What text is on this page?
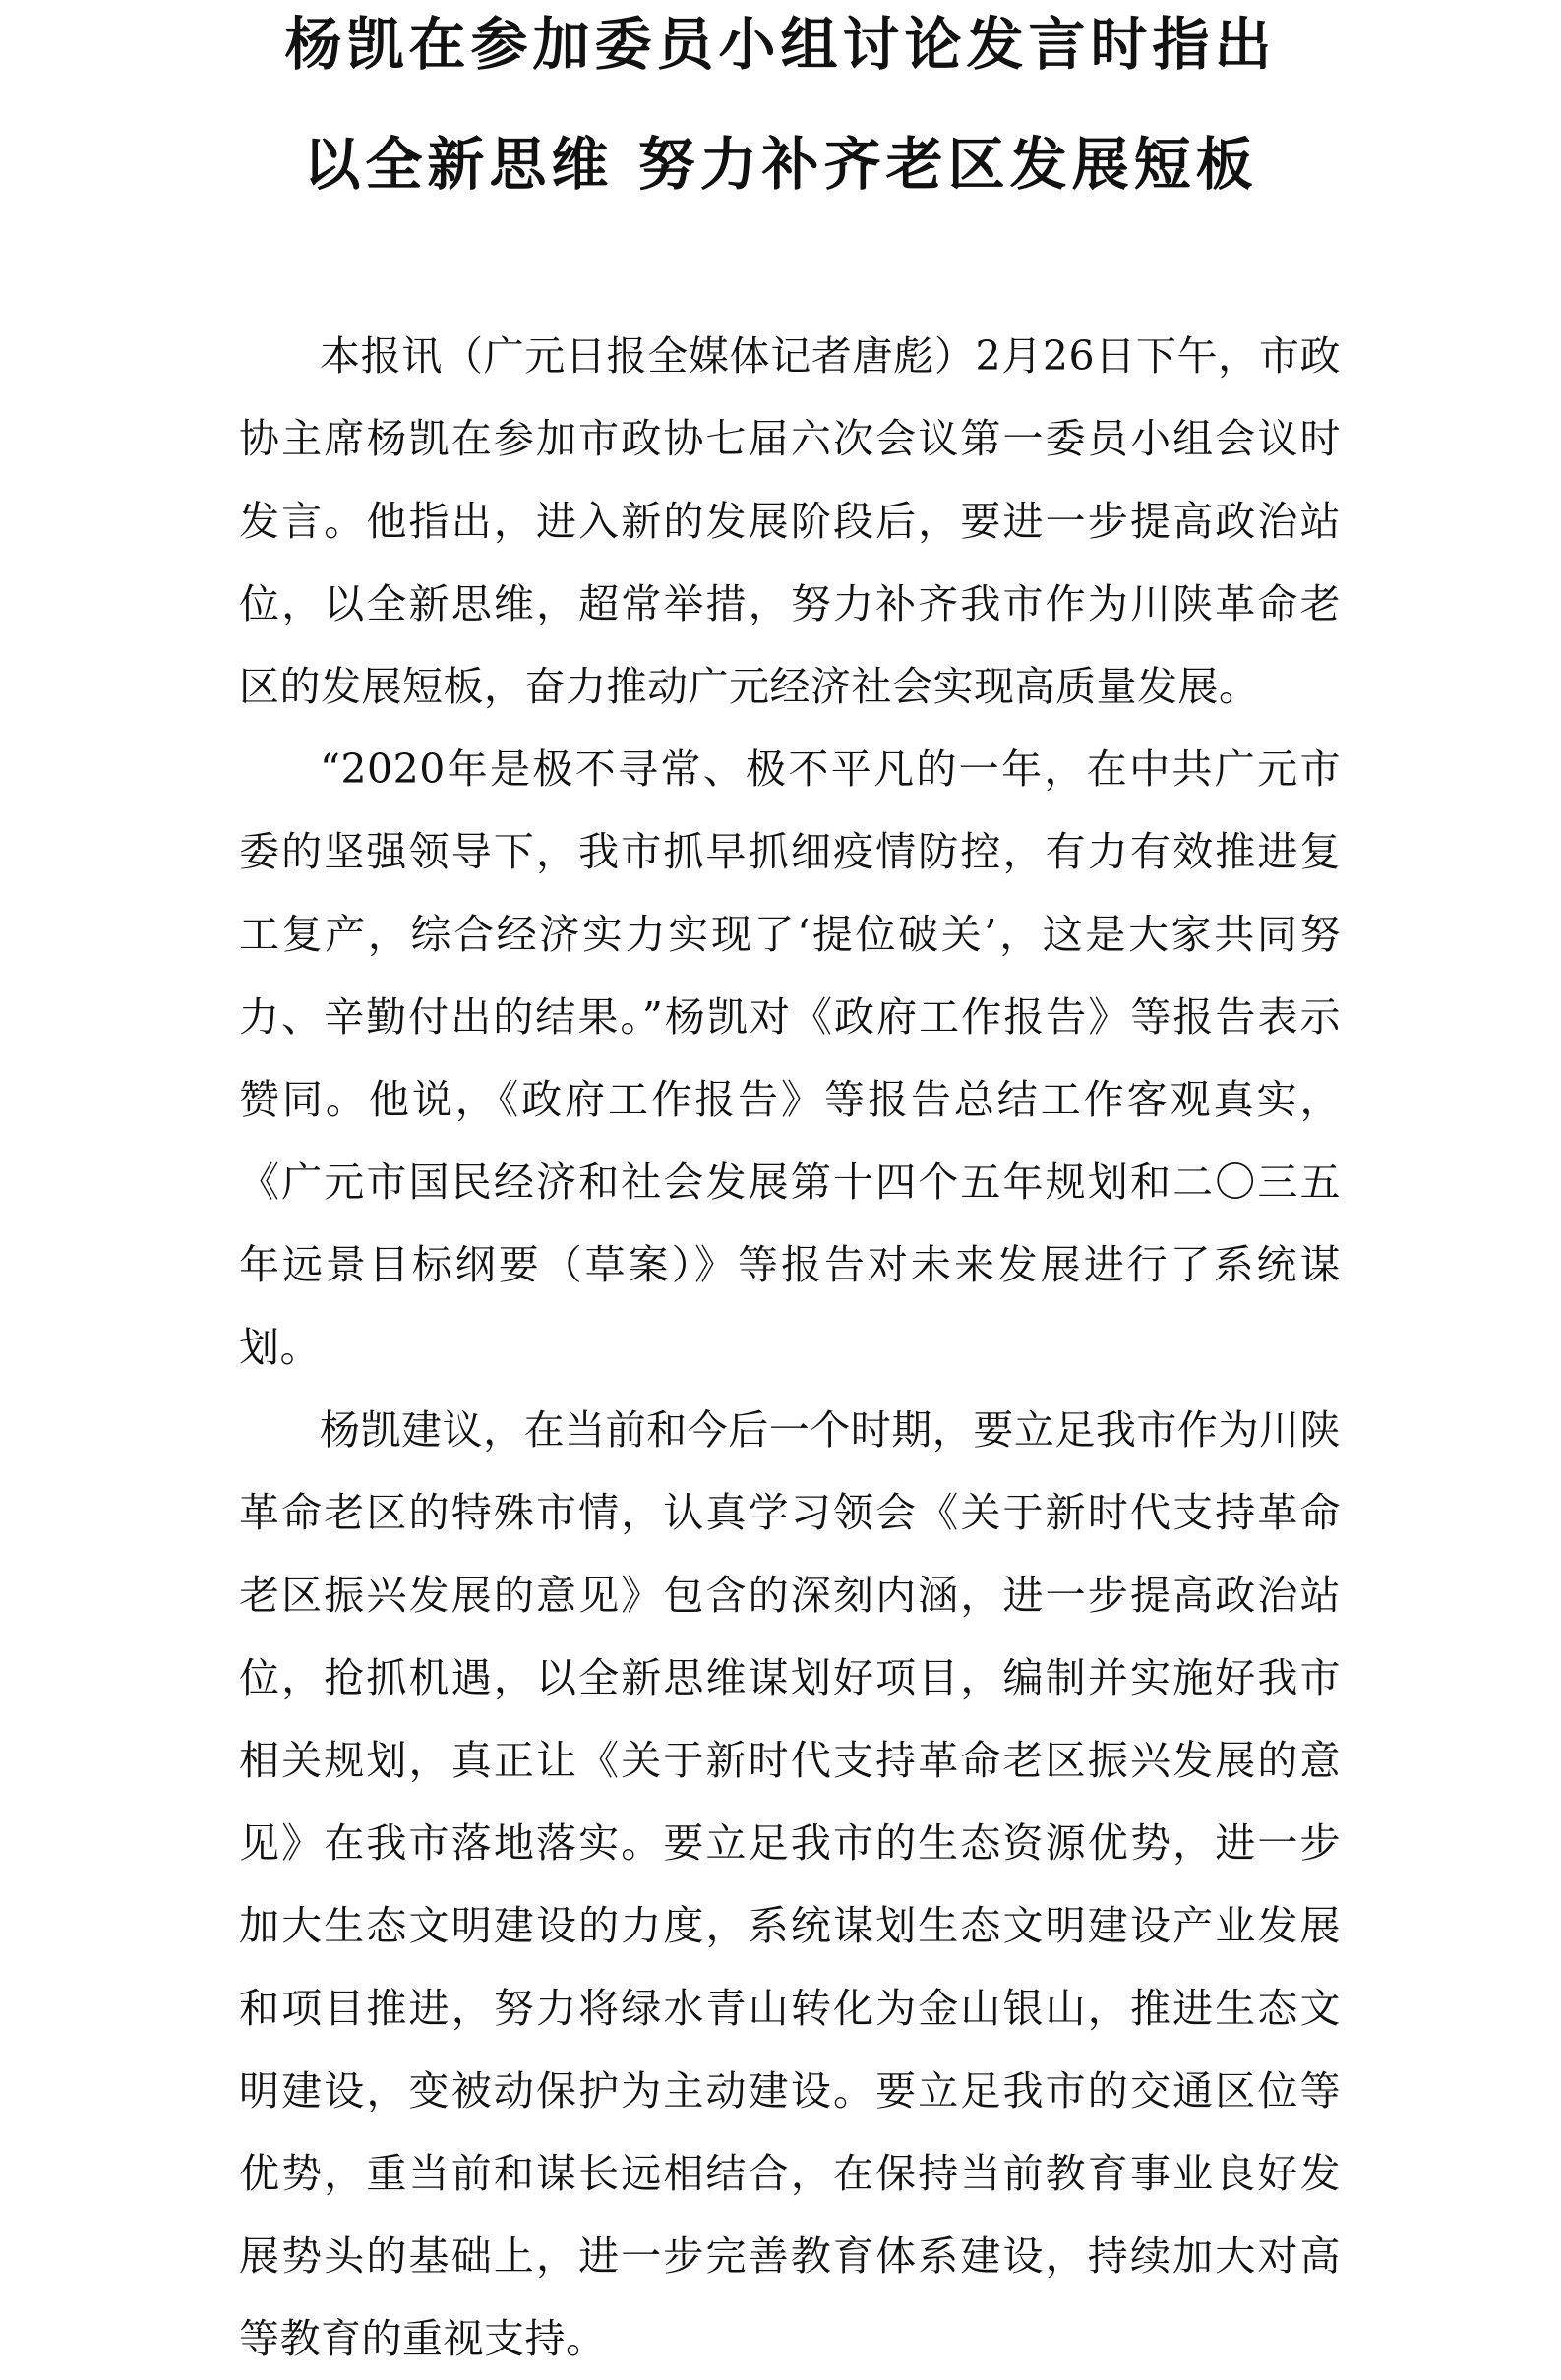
杨凯在参加委员小组讨论发言时指出
以全新思维 努力补齐老区发展短板

本报讯（广元日报全媒体记者唐彪）2月26日下午，市政协主席杨凯在参加市政协七届六次会议第一委员小组会议时发言。他指出，进入新的发展阶段后，要进一步提高政治站位，以全新思维，超常举措，努力补齐我市作为川陕革命老区的发展短板，奋力推动广元经济社会实现高质量发展。

“2020年是极不寻常、极不平凡的一年，在中共广元市委的坚强领导下，我市抓早抓细疫情防控，有力有效推进复工复产，综合经济实力实现了‘提位破关’，这是大家共同努力、辛勤付出的结果。”杨凯对《政府工作报告》等报告表示赞同。他说，《政府工作报告》等报告总结工作客观真实，《广元市国民经济和社会发展第十四个五年规划和二〇三五年远景目标纲要（草案）》等报告对未来发展进行了系统谋划。

杨凯建议，在当前和今后一个时期，要立足我市作为川陕革命老区的特殊市情，认真学习领会《关于新时代支持革命老区振兴发展的意见》包含的深刻内涵，进一步提高政治站位，抢抓机遇，以全新思维谋划好项目，编制并实施好我市相关规划，真正让《关于新时代支持革命老区振兴发展的意见》在我市落地落实。要立足我市的生态资源优势，进一步加大生态文明建设的力度，系统谋划生态文明建设产业发展和项目推进，努力将绿水青山转化为金山银山，推进生态文明建设，变被动保护为主动建设。要立足我市的交通区位等优势，重当前和谋长远相结合，在保持当前教育事业良好发展势头的基础上，进一步完善教育体系建设，持续加大对高等教育的重视支持。
